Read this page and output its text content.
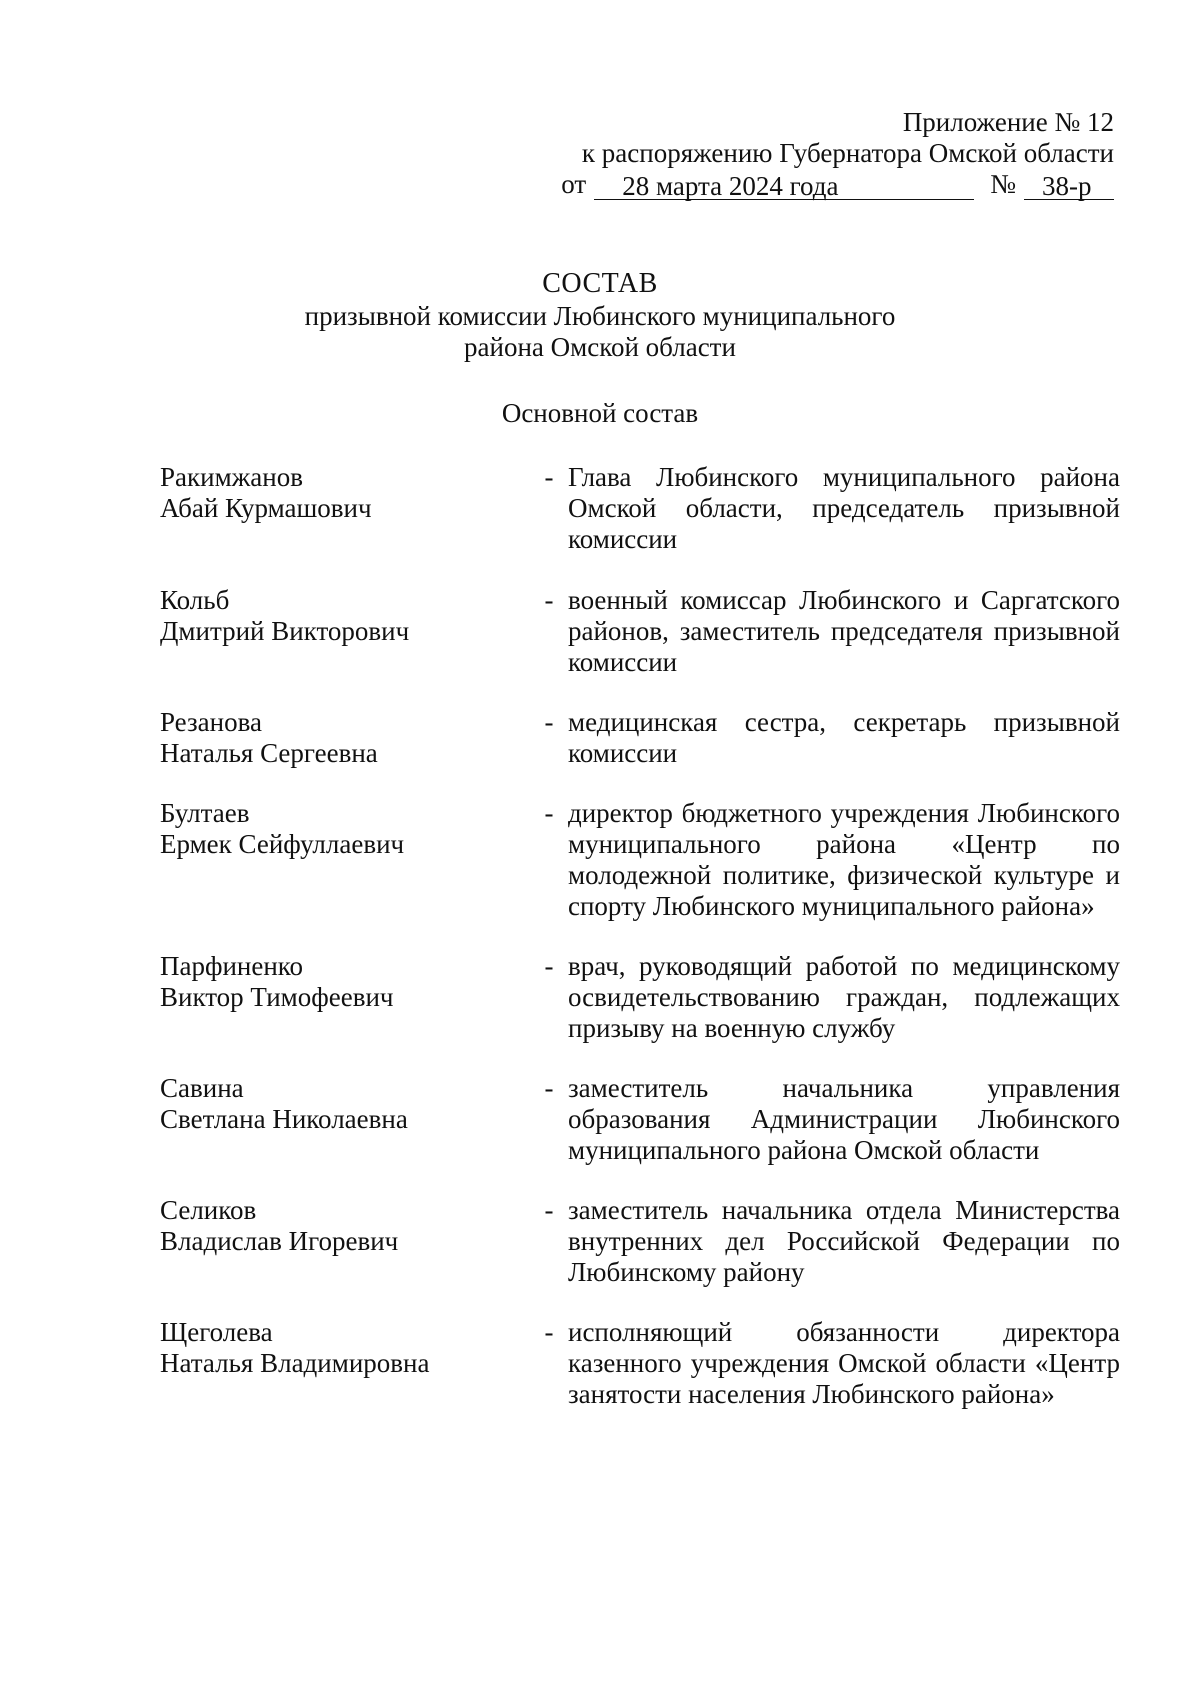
Приложение № 12
к распоряжению Губернатора Омской области
от	28 марта 2024 года	№ 38-р
СОСТАВ
призывной комиссии Любинского муниципального
района Омской области
Основной состав
Ракимжанов
Абай Курмашович
- Глава Любинского муниципального района Омской области, председатель призывной комиссии
Кольб
Дмитрий Викторович
- военный комиссар Любинского и Саргатского районов, заместитель председателя призывной комиссии
Резанова
Наталья Сергеевна
- медицинская сестра, секретарь призывной комиссии
Бултаев
Ермек Сейфуллаевич
- директор бюджетного учреждения Любинского муниципального района «Центр по молодежной политике, физической культуре и спорту Любинского муниципального района»
Парфиненко
Виктор Тимофеевич
- врач, руководящий работой по медицинскому освидетельствованию граждан, подлежащих призыву на военную службу
Савина
Светлана Николаевна
- заместитель начальника управления образования Администрации Любинского муниципального района Омской области
Селиков
Владислав Игоревич
- заместитель начальника отдела Министерства внутренних дел Российской Федерации по Любинскому району
Щеголева
Наталья Владимировна
- исполняющий обязанности директора казенного учреждения Омской области «Центр занятости населения Любинского района»
